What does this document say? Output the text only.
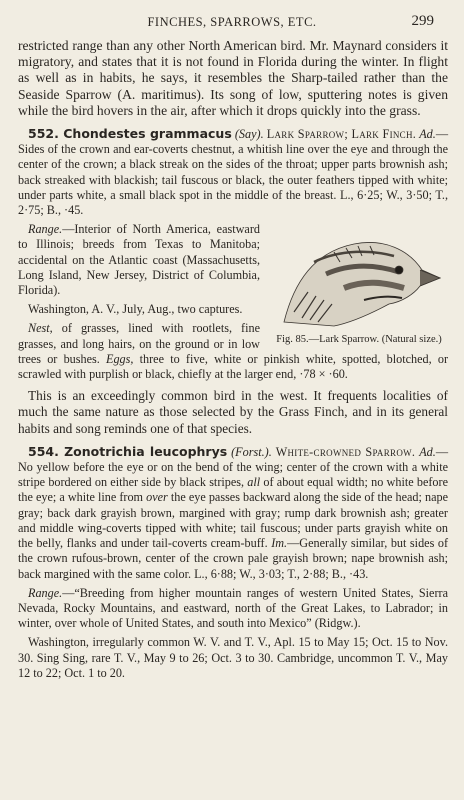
FINCHES, SPARROWS, ETC.	299

restricted range than any other North American bird. Mr. Maynard considers it migratory, and states that it is not found in Florida during the winter. In flight as well as in habits, he says, it resembles the Sharp-tailed rather than the Seaside Sparrow (A. maritimus). Its song of low, sputtering notes is given while the bird hovers in the air, after which it drops quickly into the grass.

552. Chondestes grammacus (Say). Lark Sparrow; Lark Finch. Ad.—Sides of the crown and ear-coverts chestnut, a whitish line over the eye and through the center of the crown; a black streak on the sides of the throat; upper parts brownish ash; back streaked with blackish; tail fuscous or black, the outer feathers tipped with white; under parts white, a small black spot in the middle of the breast. L., 6·25; W., 3·50; T., 2·75; B., ·45.

Fig. 85.—Lark Sparrow. (Natural size.)

Range.—Interior of North America, eastward to Illinois; breeds from Texas to Manitoba; accidental on the Atlantic coast (Massachusetts, Long Island, New Jersey, District of Columbia, Florida).

Washington, A. V., July, Aug., two captures.

Nest, of grasses, lined with rootlets, fine grasses, and long hairs, on the ground or in low trees or bushes. Eggs, three to five, white or pinkish white, spotted, blotched, or scrawled with purplish or black, chiefly at the larger end, ·78 × ·60.

This is an exceedingly common bird in the west. It frequents localities of much the same nature as those selected by the Grass Finch, and in its general habits and song reminds one of that species.

554. Zonotrichia leucophrys (Forst.). White-crowned Sparrow. Ad.—No yellow before the eye or on the bend of the wing; center of the crown with a white stripe bordered on either side by black stripes, all of about equal width; no white before the eye; a white line from over the eye passes backward along the side of the head; nape gray; back dark grayish brown, margined with gray; rump dark brownish ash; greater and middle wing-coverts tipped with white; tail fuscous; under parts grayish white on the belly, flanks and under tail-coverts cream-buff. Im.—Generally similar, but sides of the crown rufous-brown, center of the crown pale grayish brown; nape brownish ash; back margined with the same color. L., 6·88; W., 3·03; T., 2·88; B., ·43.

Range.—“Breeding from higher mountain ranges of western United States, Sierra Nevada, Rocky Mountains, and eastward, north of the Great Lakes, to Labrador; in winter, over whole of United States, and south into Mexico” (Ridgw.).

Washington, irregularly common W. V. and T. V., Apl. 15 to May 15; Oct. 15 to Nov. 30. Sing Sing, rare T. V., May 9 to 26; Oct. 3 to 30. Cambridge, uncommon T. V., May 12 to 22; Oct. 1 to 20.
